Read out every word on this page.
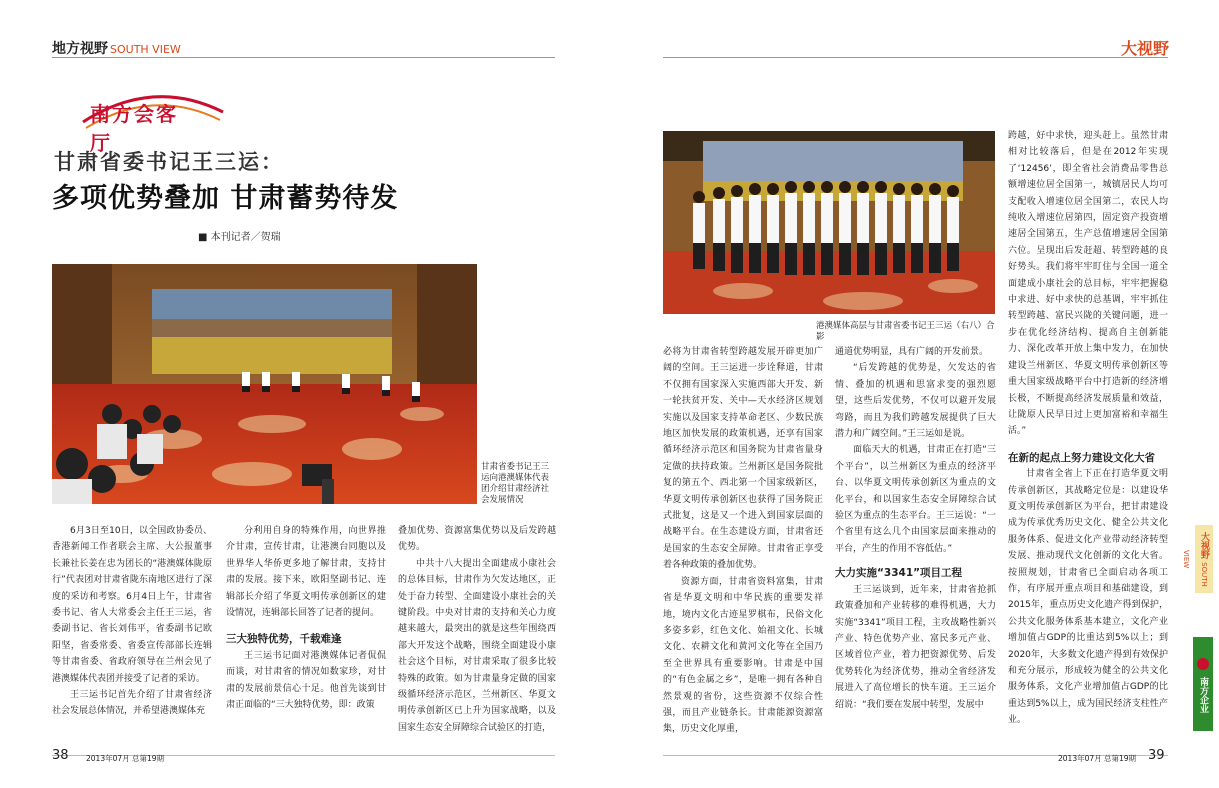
地方视野 SOUTH VIEW	大视野
南方会客厅
甘肃省委书记王三运：
多项优势叠加 甘肃蓄势待发
■ 本刊记者／贺瑞
甘肃省委书记王三运向港澳媒体代表团介绍甘肃经济社会发展情况
港澳媒体高层与甘肃省委书记王三运（右八）合影

6月3日至10日，以全国政协委员、香港新闻工作者联会主席、大公报董事长兼社长姜在忠为团长的“港澳媒体陇原行”代表团对甘肃省陇东南地区进行了深度的采访和考察。6月4日上午，甘肃省委书记、省人大常委会主任王三运，省委副书记、省长刘伟平，省委副书记欧阳坚，省委常委、省委宣传部部长连辑等甘肃省委、省政府领导在兰州会见了港澳媒体代表团并接受了记者的采访。

王三运书记首先介绍了甘肃省经济社会发展总体情况，并希望港澳媒体充

分利用自身的特殊作用，向世界推介甘肃，宣传甘肃，让港澳台同胞以及世界华人华侨更多地了解甘肃，支持甘肃的发展。接下来，欧阳坚副书记、连辑部长介绍了华夏文明传承创新区的建设情况，连辑部长回答了记者的提问。

三大独特优势，千载难逢

王三运书记面对港澳媒体记者侃侃而谈，对甘肃省的情况如数家珍，对甘肃的发展前景信心十足。他首先谈到甘肃正面临的“三大独特优势，即：政策

叠加优势、资源富集优势以及后发跨越优势。

中共十八大提出全面建成小康社会的总体目标，甘肃作为欠发达地区，正处于奋力转型、全面建设小康社会的关键阶段。中央对甘肃的支持和关心力度越来越大，最突出的就是这些年围绕西部大开发这个战略，围绕全面建设小康社会这个目标，对甘肃采取了很多比较特殊的政策。如为甘肃量身定做的国家级循环经济示范区，兰州新区、华夏文明传承创新区已上升为国家战略，以及国家生态安全屏障综合试验区的打造，

必将为甘肃省转型跨越发展开辟更加广阔的空间。王三运进一步诠释道，甘肃不仅拥有国家深入实施西部大开发、新一轮扶贫开发、关中—天水经济区规划实施以及国家支持革命老区、少数民族地区加快发展的政策机遇，还享有国家循环经济示范区和国务院为甘肃省量身定做的扶持政策。兰州新区是国务院批复的第五个、西北第一个国家级新区，华夏文明传承创新区也获得了国务院正式批复，这是又一个进入到国家层面的战略平台。在生态建设方面，甘肃省还是国家的生态安全屏障。甘肃省正享受着各种政策的叠加优势。

资源方面，甘肃省资料富集，甘肃省是华夏文明和中华民族的重要发祥地，境内文化古迹星罗棋布，民俗文化多姿多彩，红色文化、始祖文化、长城文化、农耕文化和黄河文化等在全国乃至全世界具有重要影响。甘肃是中国的“有色金属之乡”，是唯一拥有各种自然景观的省份，这些资源不仅综合性强，而且产业链条长。甘肃能源资源富集，历史文化厚重，

通道优势明显，具有广阔的开发前景。

“后发跨越的优势是，欠发达的省情、叠加的机遇和思富求变的强烈愿望，这些后发优势，不仅可以避开发展弯路，而且为我们跨越发展提供了巨大潜力和广阔空间。”王三运如是说。

面临天大的机遇，甘肃正在打造“三个平台”，以兰州新区为重点的经济平台、以华夏文明传承创新区为重点的文化平台，和以国家生态安全屏障综合试验区为重点的生态平台。王三运说：“一个省里有这么几个由国家层面来推动的平台，产生的作用不容低估。”

大力实施“3341”项目工程

王三运谈到，近年来，甘肃省抢抓政策叠加和产业转移的难得机遇，大力实施“3341”项目工程，主攻战略性新兴产业、特色优势产业、富民多元产业、区域首位产业，着力把资源优势、后发优势转化为经济优势，推动全省经济发展进入了高位增长的快车道。王三运介绍说：“我们要在发展中转型，发展中

跨越，好中求快，迎头赶上。虽然甘肃相对比较落后，但是在2012年实现了‘12456’，即全省社会消费品零售总额增速位居全国第一，城镇居民人均可支配收入增速位居全国第二，农民人均纯收入增速位居第四，固定资产投资增速居全国第五，生产总值增速居全国第六位。呈现出后发赶超、转型跨越的良好势头。我们将牢牢盯住与全国一道全面建成小康社会的总目标，牢牢把握稳中求进、好中求快的总基调，牢牢抓住转型跨越、富民兴陇的关键问题，进一步在优化经济结构、提高自主创新能力、深化改革开放上集中发力，在加快建设兰州新区、华夏文明传承创新区等重大国家级战略平台中打造新的经济增长极，不断提高经济发展质量和效益，让陇原人民早日过上更加富裕和幸福生活。”

在新的起点上努力建设文化大省

甘肃省全省上下正在打造华夏文明传承创新区，其战略定位是：以建设华夏文明传承创新区为平台，把甘肃建设成为传承优秀历史文化、健全公共文化服务体系、促进文化产业带动经济转型发展、推动现代文化创新的文化大省。按照规划，甘肃省已全面启动各项工作，有序展开重点项目和基础建设，到2015年，重点历史文化遗产得到保护，公共文化服务体系基本建立，文化产业增加值占GDP的比重达到5%以上；到2020年，大多数文化遗产得到有效保护和充分展示，形成较为健全的公共文化服务体系，文化产业增加值占GDP的比重达到5%以上，成为国民经济支柱性产业。

大视野 SOUTH VIEW
南方企业
38 2013年07月 总第19期	2013年07月 总第19期 39
